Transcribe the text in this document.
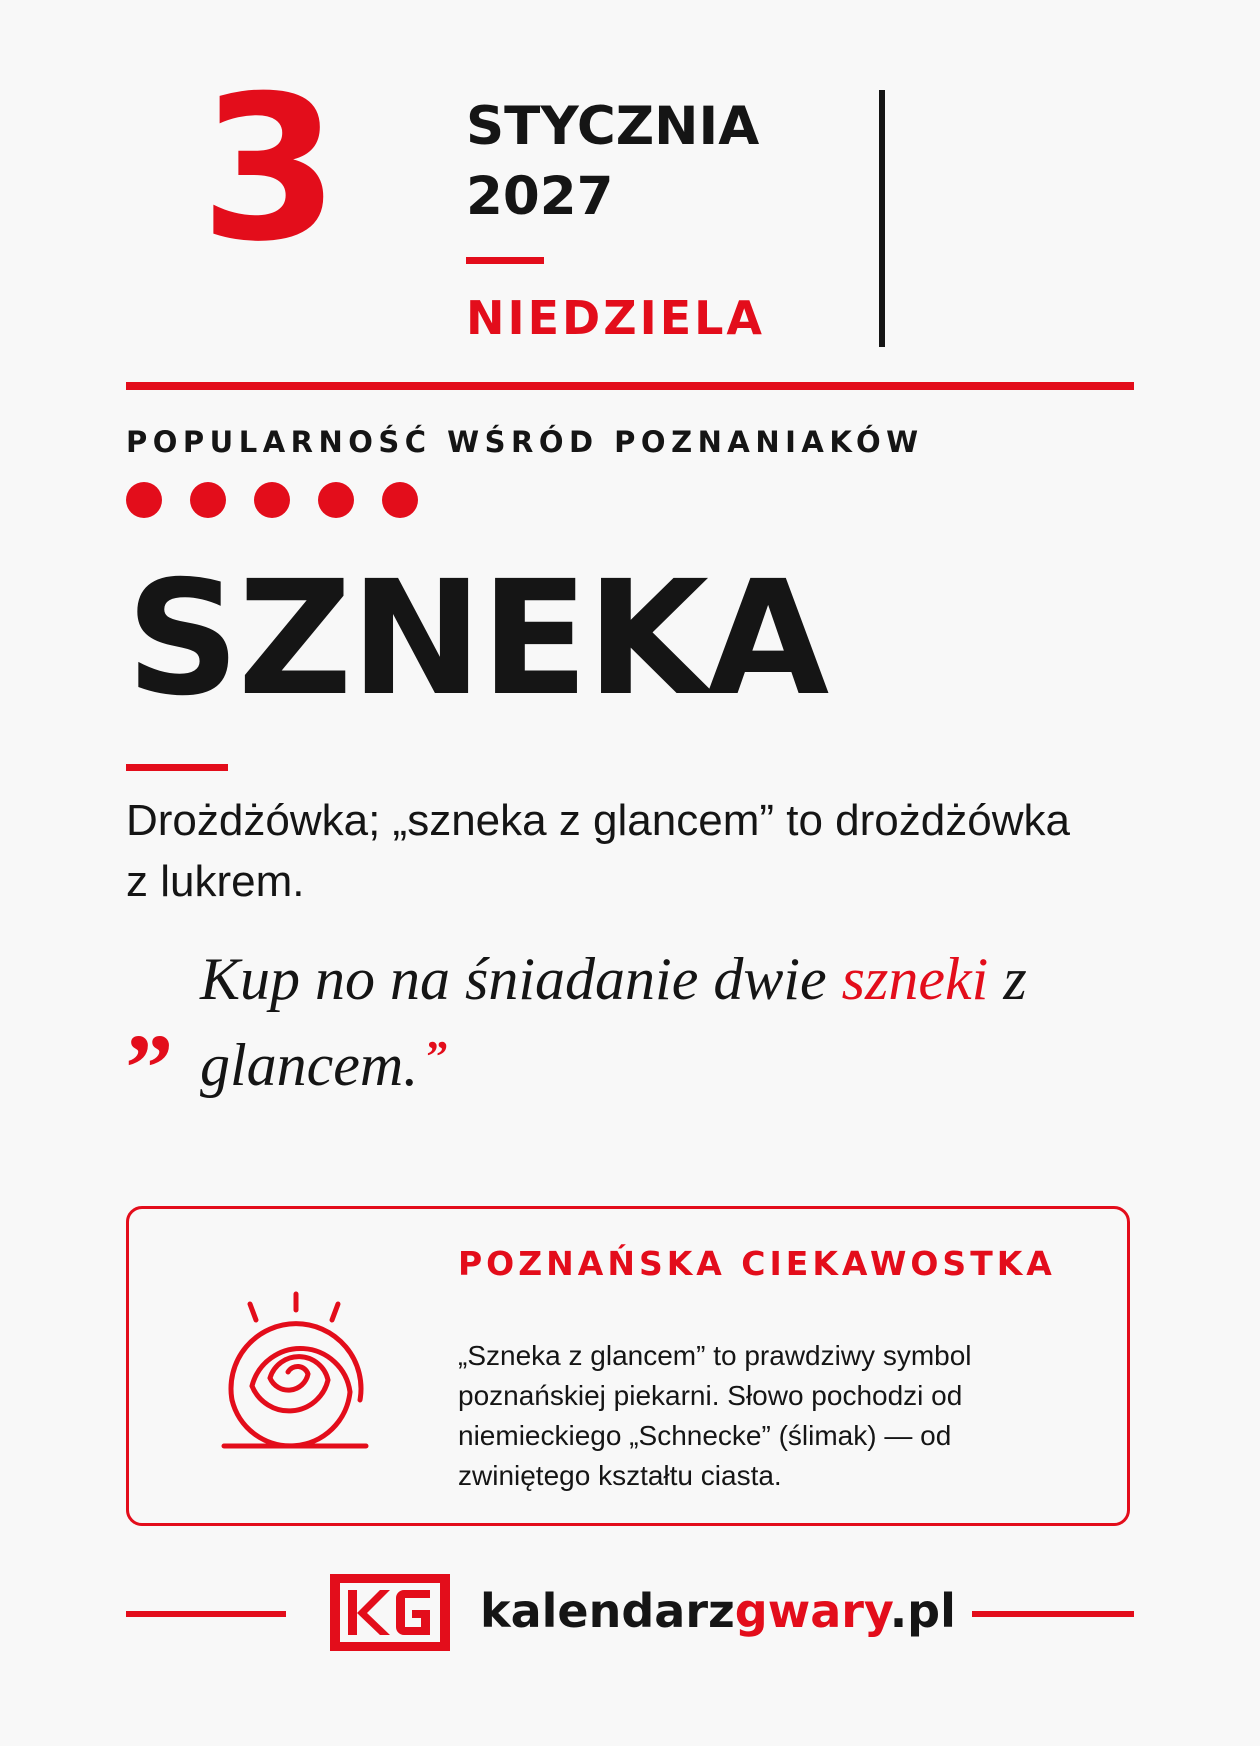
3 STYCZNIA
2027
NIEDZIELA
POPULARNOŚĆ WŚRÓD POZNANIAKÓW
SZNEKA
Drożdżówka; „szneka z glancem” to drożdżówka z lukrem.
„ Kup no na śniadanie dwie szneki z glancem. ”
POZNAŃSKA CIEKAWOSTKA
„Szneka z glancem” to prawdziwy symbol poznańskiej piekarni. Słowo pochodzi od niemieckiego „Schnecke” (ślimak) — od zwiniętego kształtu ciasta.
kalendarzgwary.pl
